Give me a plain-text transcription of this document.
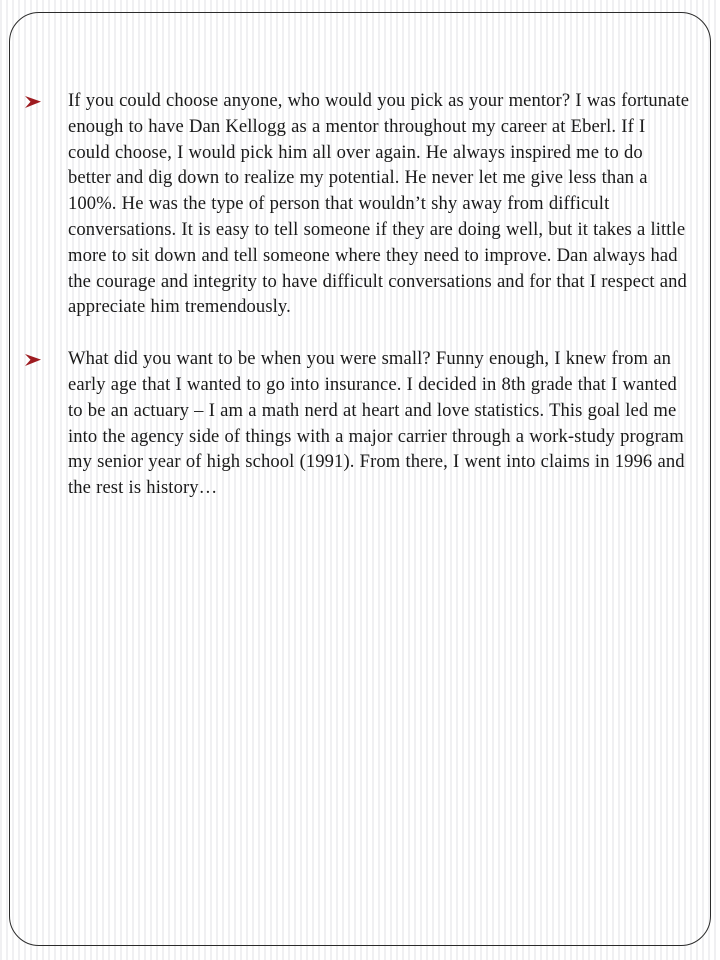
If you could choose anyone, who would you pick as your mentor? I was fortunate enough to have Dan Kellogg as a mentor throughout my career at Eberl. If I could choose, I would pick him all over again. He always inspired me to do better and dig down to realize my potential. He never let me give less than a 100%. He was the type of person that wouldn’t shy away from difficult conversations. It is easy to tell someone if they are doing well, but it takes a little more to sit down and tell someone where they need to improve. Dan always had the courage and integrity to have difficult conversations and for that I respect and appreciate him tremendously.
What did you want to be when you were small? Funny enough, I knew from an early age that I wanted to go into insurance. I decided in 8th grade that I wanted to be an actuary – I am a math nerd at heart and love statistics. This goal led me into the agency side of things with a major carrier through a work-study program my senior year of high school (1991). From there, I went into claims in 1996 and the rest is history…
